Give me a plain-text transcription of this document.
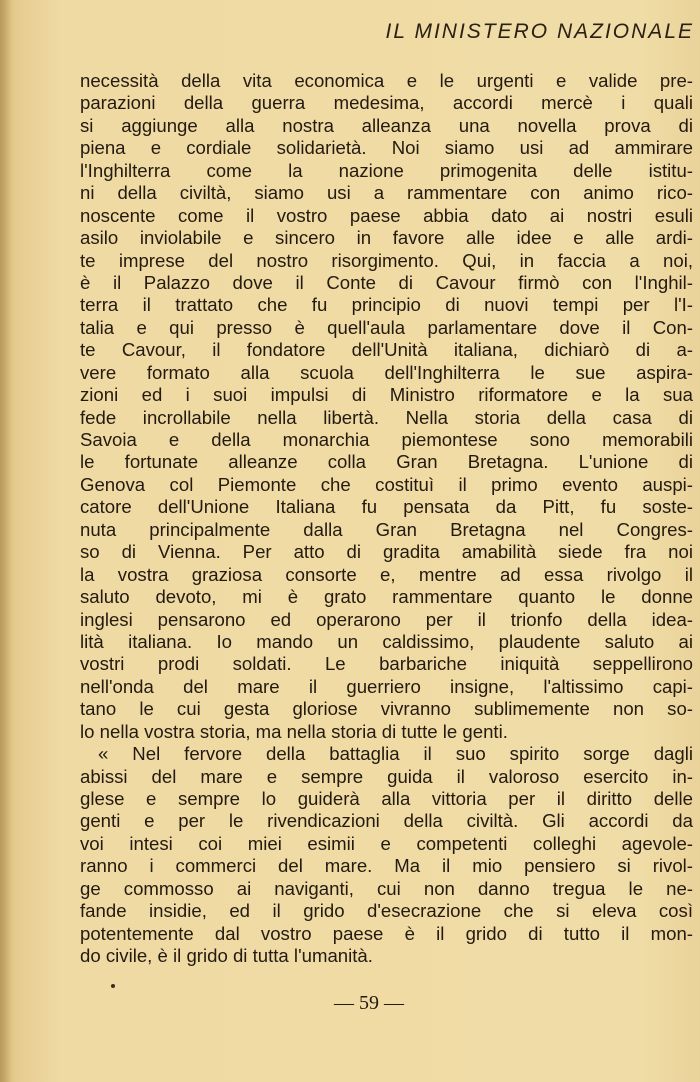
IL MINISTERO NAZIONALE
necessità della vita economica e le urgenti e valide pre-
parazioni della guerra medesima, accordi mercè i quali
si aggiunge alla nostra alleanza una novella prova di
piena e cordiale solidarietà. Noi siamo usi ad ammirare
l'Inghilterra come la nazione primogenita delle istitu-
ni della civiltà, siamo usi a rammentare con animo rico-
noscente come il vostro paese abbia dato ai nostri esuli
asilo inviolabile e sincero in favore alle idee e alle ardi-
te imprese del nostro risorgimento. Qui, in faccia a noi,
è il Palazzo dove il Conte di Cavour firmò con l'Inghil-
terra il trattato che fu principio di nuovi tempi per l'I-
talia e qui presso è quell'aula parlamentare dove il Con-
te Cavour, il fondatore dell'Unità italiana, dichiarò di a-
vere formato alla scuola dell'Inghilterra le sue aspira-
zioni ed i suoi impulsi di Ministro riformatore e la sua
fede incrollabile nella libertà. Nella storia della casa di
Savoia e della monarchia piemontese sono memorabili
le fortunate alleanze colla Gran Bretagna. L'unione di
Genova col Piemonte che costituì il primo evento auspi-
catore dell'Unione Italiana fu pensata da Pitt, fu soste-
nuta principalmente dalla Gran Bretagna nel Congres-
so di Vienna. Per atto di gradita amabilità siede fra noi
la vostra graziosa consorte e, mentre ad essa rivolgo il
saluto devoto, mi è grato rammentare quanto le donne
inglesi pensarono ed operarono per il trionfo della idea-
lità italiana. Io mando un caldissimo, plaudente saluto ai
vostri prodi soldati. Le barbariche iniquità seppellirono
nell'onda del mare il guerriero insigne, l'altissimo capi-
tano le cui gesta gloriose vivranno sublimemente non so-
lo nella vostra storia, ma nella storia di tutte le genti.
« Nel fervore della battaglia il suo spirito sorge dagli
abissi del mare e sempre guida il valoroso esercito in-
glese e sempre lo guiderà alla vittoria per il diritto delle
genti e per le rivendicazioni della civiltà. Gli accordi da
voi intesi coi miei esimii e competenti colleghi agevole-
ranno i commerci del mare. Ma il mio pensiero si rivol-
ge commosso ai naviganti, cui non danno tregua le ne-
fande insidie, ed il grido d'esecrazione che si eleva così
potentemente dal vostro paese è il grido di tutto il mon-
do civile, è il grido di tutta l'umanità.
— 59 —
